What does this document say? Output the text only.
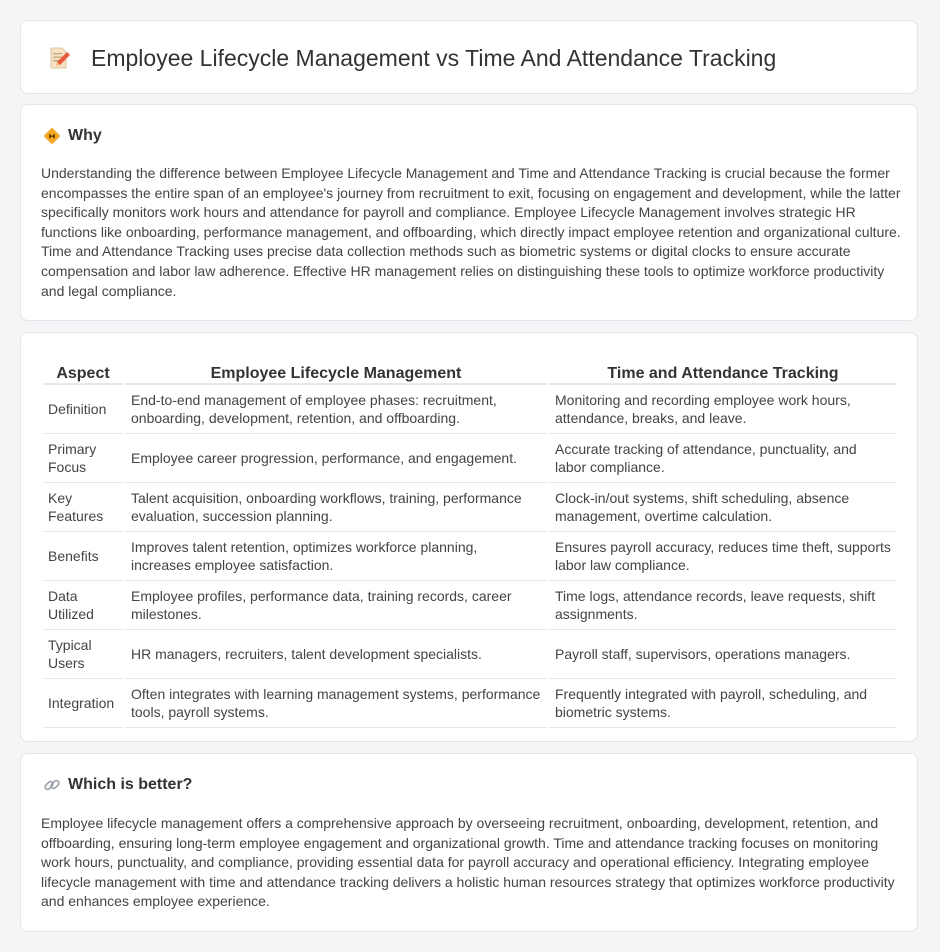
Employee Lifecycle Management vs Time And Attendance Tracking
Why

Understanding the difference between Employee Lifecycle Management and Time and Attendance Tracking is crucial because the former encompasses the entire span of an employee's journey from recruitment to exit, focusing on engagement and development, while the latter specifically monitors work hours and attendance for payroll and compliance. Employee Lifecycle Management involves strategic HR functions like onboarding, performance management, and offboarding, which directly impact employee retention and organizational culture. Time and Attendance Tracking uses precise data collection methods such as biometric systems or digital clocks to ensure accurate compensation and labor law adherence. Effective HR management relies on distinguishing these tools to optimize workforce productivity and legal compliance.

Aspect	Employee Lifecycle Management	Time and Attendance Tracking
Definition	End-to-end management of employee phases: recruitment, onboarding, development, retention, and offboarding.	Monitoring and recording employee work hours, attendance, breaks, and leave.
Primary Focus	Employee career progression, performance, and engagement.	Accurate tracking of attendance, punctuality, and labor compliance.
Key Features	Talent acquisition, onboarding workflows, training, performance evaluation, succession planning.	Clock-in/out systems, shift scheduling, absence management, overtime calculation.
Benefits	Improves talent retention, optimizes workforce planning, increases employee satisfaction.	Ensures payroll accuracy, reduces time theft, supports labor law compliance.
Data Utilized	Employee profiles, performance data, training records, career milestones.	Time logs, attendance records, leave requests, shift assignments.
Typical Users	HR managers, recruiters, talent development specialists.	Payroll staff, supervisors, operations managers.
Integration	Often integrates with learning management systems, performance tools, payroll systems.	Frequently integrated with payroll, scheduling, and biometric systems.
Which is better?

Employee lifecycle management offers a comprehensive approach by overseeing recruitment, onboarding, development, retention, and offboarding, ensuring long-term employee engagement and organizational growth. Time and attendance tracking focuses on monitoring work hours, punctuality, and compliance, providing essential data for payroll accuracy and operational efficiency. Integrating employee lifecycle management with time and attendance tracking delivers a holistic human resources strategy that optimizes workforce productivity and enhances employee experience.
